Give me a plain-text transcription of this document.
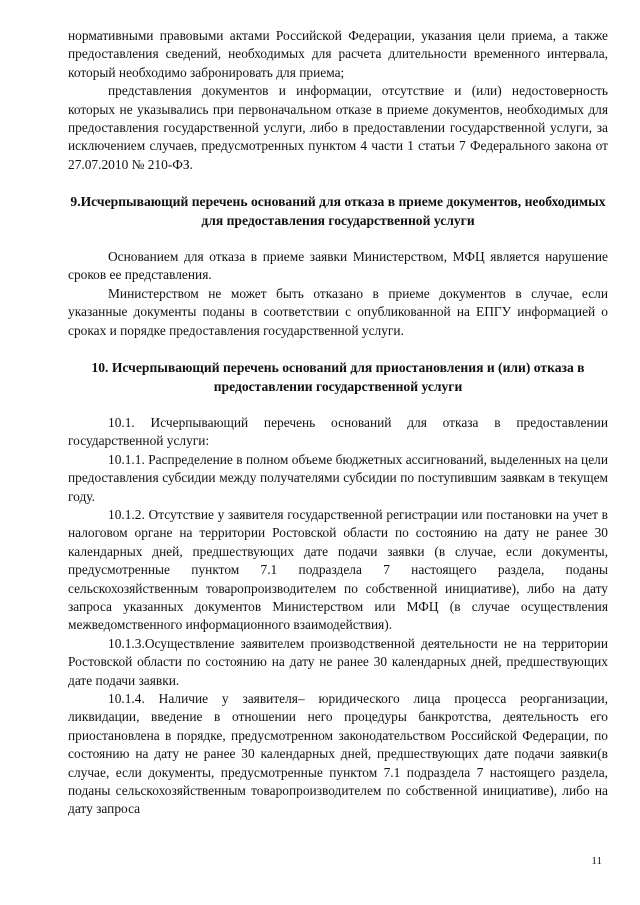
нормативными правовыми актами Российской Федерации, указания цели приема, а также предоставления сведений, необходимых для расчета длительности временного интервала, который необходимо забронировать для приема;

представления документов и информации, отсутствие и (или) недостоверность которых не указывались при первоначальном отказе в приеме документов, необходимых для предоставления государственной услуги, либо в предоставлении государственной услуги, за исключением случаев, предусмотренных пунктом 4 части 1 статьи 7 Федерального закона от 27.07.2010 № 210-ФЗ.

9.Исчерпывающий перечень оснований для отказа в приеме документов, необходимых для предоставления государственной услуги

Основанием для отказа в приеме заявки Министерством, МФЦ является нарушение сроков ее представления.

Министерством не может быть отказано в приеме документов в случае, если указанные документы поданы в соответствии с опубликованной на ЕПГУ информацией о сроках и порядке предоставления государственной услуги.

10. Исчерпывающий перечень оснований для приостановления и (или) отказа в предоставлении государственной услуги

10.1. Исчерпывающий перечень оснований для отказа в предоставлении государственной услуги:

10.1.1. Распределение в полном объеме бюджетных ассигнований, выделенных на цели предоставления субсидии между получателями субсидии по поступившим заявкам в текущем году.

10.1.2. Отсутствие у заявителя государственной регистрации или постановки на учет в налоговом органе на территории Ростовской области по состоянию на дату не ранее 30 календарных дней, предшествующих дате подачи заявки (в случае, если документы, предусмотренные пунктом 7.1 подраздела 7 настоящего раздела, поданы сельскохозяйственным товаропроизводителем по собственной инициативе), либо на дату запроса указанных документов Министерством или МФЦ (в случае осуществления межведомственного информационного взаимодействия).

10.1.3.Осуществление заявителем производственной деятельности не на территории Ростовской области по состоянию на дату не ранее 30 календарных дней, предшествующих дате подачи заявки.

10.1.4. Наличие у заявителя– юридического лица процесса реорганизации, ликвидации, введение в отношении него процедуры банкротства, деятельность его приостановлена в порядке, предусмотренном законодательством Российской Федерации, по состоянию на дату не ранее 30 календарных дней, предшествующих дате подачи заявки(в случае, если документы, предусмотренные пунктом 7.1 подраздела 7 настоящего раздела, поданы сельскохозяйственным товаропроизводителем по собственной инициативе), либо на дату запроса

11
